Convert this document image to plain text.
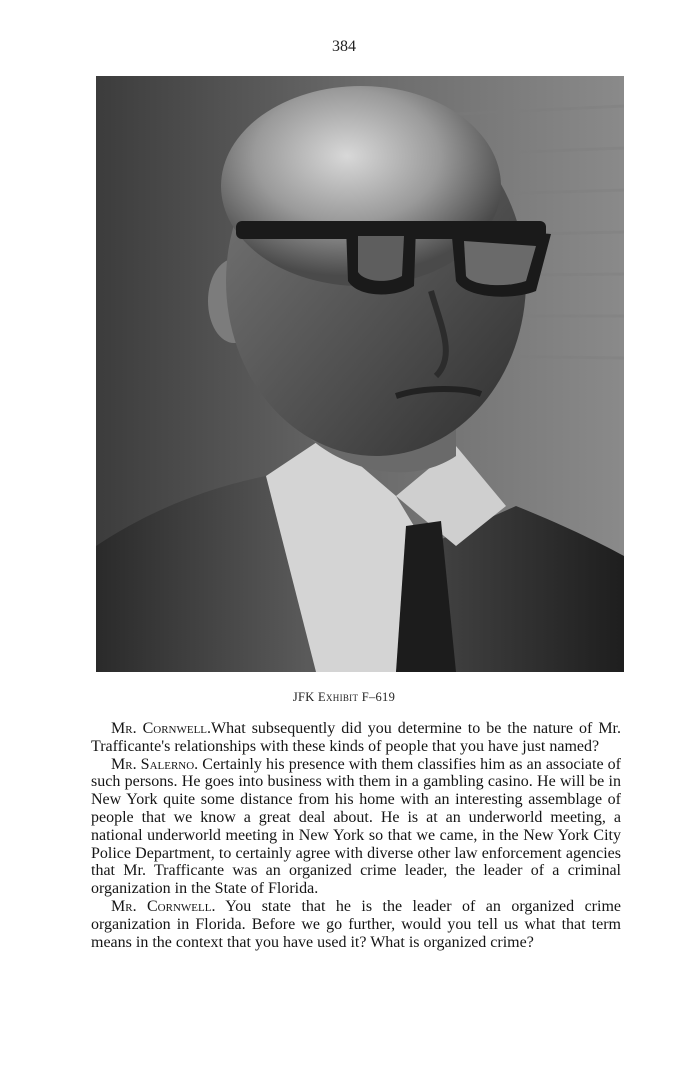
384
JFK Exhibit F–619

Mr. Cornwell.What subsequently did you determine to be the nature of Mr. Trafficante's relationships with these kinds of people that you have just named?

Mr. Salerno. Certainly his presence with them classifies him as an associate of such persons. He goes into business with them in a gambling casino. He will be in New York quite some distance from his home with an interesting assemblage of people that we know a great deal about. He is at an underworld meeting, a national underworld meeting in New York so that we came, in the New York City Police Department, to certainly agree with diverse other law enforcement agencies that Mr. Trafficante was an organized crime leader, the leader of a criminal organization in the State of Florida.

Mr. Cornwell. You state that he is the leader of an organized crime organization in Florida. Before we go further, would you tell us what that term means in the context that you have used it? What is organized crime?
